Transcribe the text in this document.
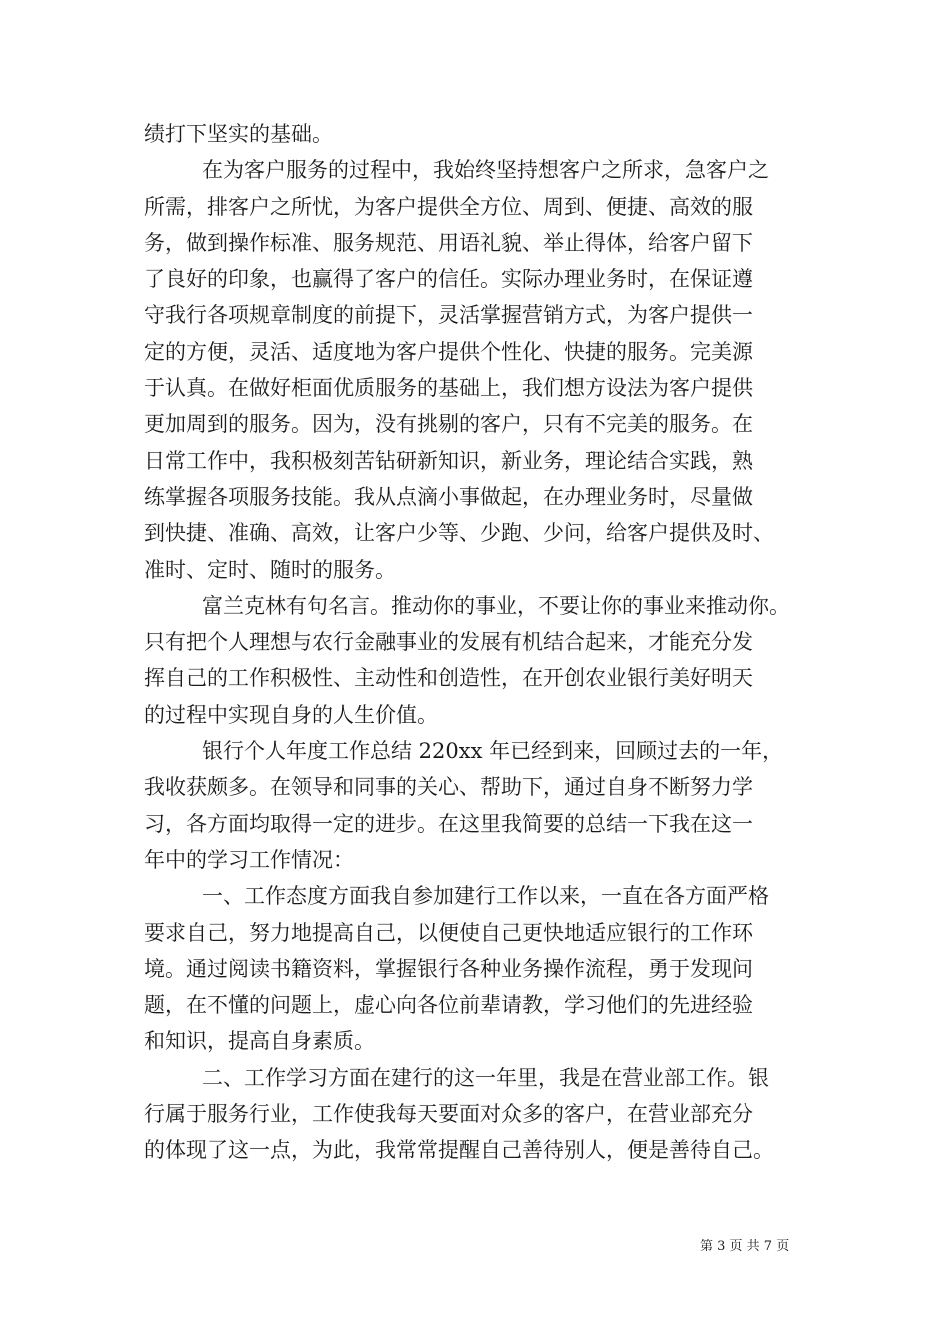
绩打下坚实的基础。
在为客户服务的过程中，我始终坚持想客户之所求，急客户之
所需，排客户之所忧，为客户提供全方位、周到、便捷、高效的服
务，做到操作标准、服务规范、用语礼貌、举止得体，给客户留下
了良好的印象，也赢得了客户的信任。实际办理业务时，在保证遵
守我行各项规章制度的前提下，灵活掌握营销方式，为客户提供一
定的方便，灵活、适度地为客户提供个性化、快捷的服务。完美源
于认真。在做好柜面优质服务的基础上，我们想方设法为客户提供
更加周到的服务。因为，没有挑剔的客户，只有不完美的服务。在
日常工作中，我积极刻苦钻研新知识，新业务，理论结合实践，熟
练掌握各项服务技能。我从点滴小事做起，在办理业务时，尽量做
到快捷、准确、高效，让客户少等、少跑、少问，给客户提供及时、
准时、定时、随时的服务。
富兰克林有句名言。推动你的事业，不要让你的事业来推动你。
只有把个人理想与农行金融事业的发展有机结合起来，才能充分发
挥自己的工作积极性、主动性和创造性，在开创农业银行美好明天
的过程中实现自身的人生价值。
银行个人年度工作总结 220xx 年已经到来，回顾过去的一年，
我收获颇多。在领导和同事的关心、帮助下，通过自身不断努力学
习，各方面均取得一定的进步。在这里我简要的总结一下我在这一
年中的学习工作情况：
一、工作态度方面我自参加建行工作以来，一直在各方面严格
要求自己，努力地提高自己，以便使自己更快地适应银行的工作环
境。通过阅读书籍资料，掌握银行各种业务操作流程，勇于发现问
题，在不懂的问题上，虚心向各位前辈请教，学习他们的先进经验
和知识，提高自身素质。
二、工作学习方面在建行的这一年里，我是在营业部工作。银
行属于服务行业，工作使我每天要面对众多的客户，在营业部充分
的体现了这一点，为此，我常常提醒自己善待别人，便是善待自己。
第 3 页 共 7 页
